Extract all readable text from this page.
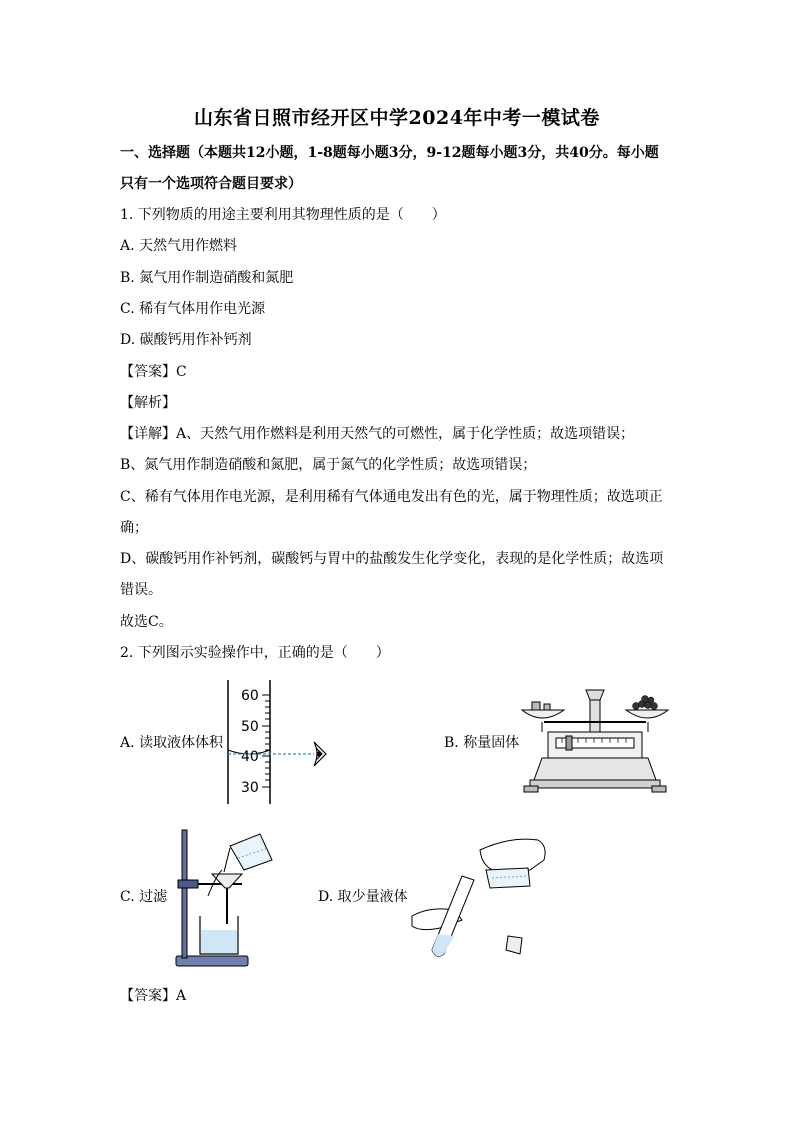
山东省日照市经开区中学2024年中考一模试卷
一、选择题（本题共12小题，1-8题每小题3分，9-12题每小题3分，共40分。每小题
只有一个选项符合题目要求）
1. 下列物质的用途主要利用其物理性质的是（　　）
A. 天然气用作燃料
B. 氮气用作制造硝酸和氮肥
C. 稀有气体用作电光源
D. 碳酸钙用作补钙剂
【答案】C
【解析】
【详解】A、天然气用作燃料是利用天然气的可燃性，属于化学性质；故选项错误；
B、氮气用作制造硝酸和氮肥，属于氮气的化学性质；故选项错误；
C、稀有气体用作电光源，是利用稀有气体通电发出有色的光，属于物理性质；故选项正
确；
D、碳酸钙用作补钙剂，碳酸钙与胃中的盐酸发生化学变化，表现的是化学性质；故选项
错误。
故选C。
2. 下列图示实验操作中，正确的是（　　）
A. 读取液体体积
60
50
40
30
B. 称量固体
C. 过滤	D. 取少量液体
【答案】A
